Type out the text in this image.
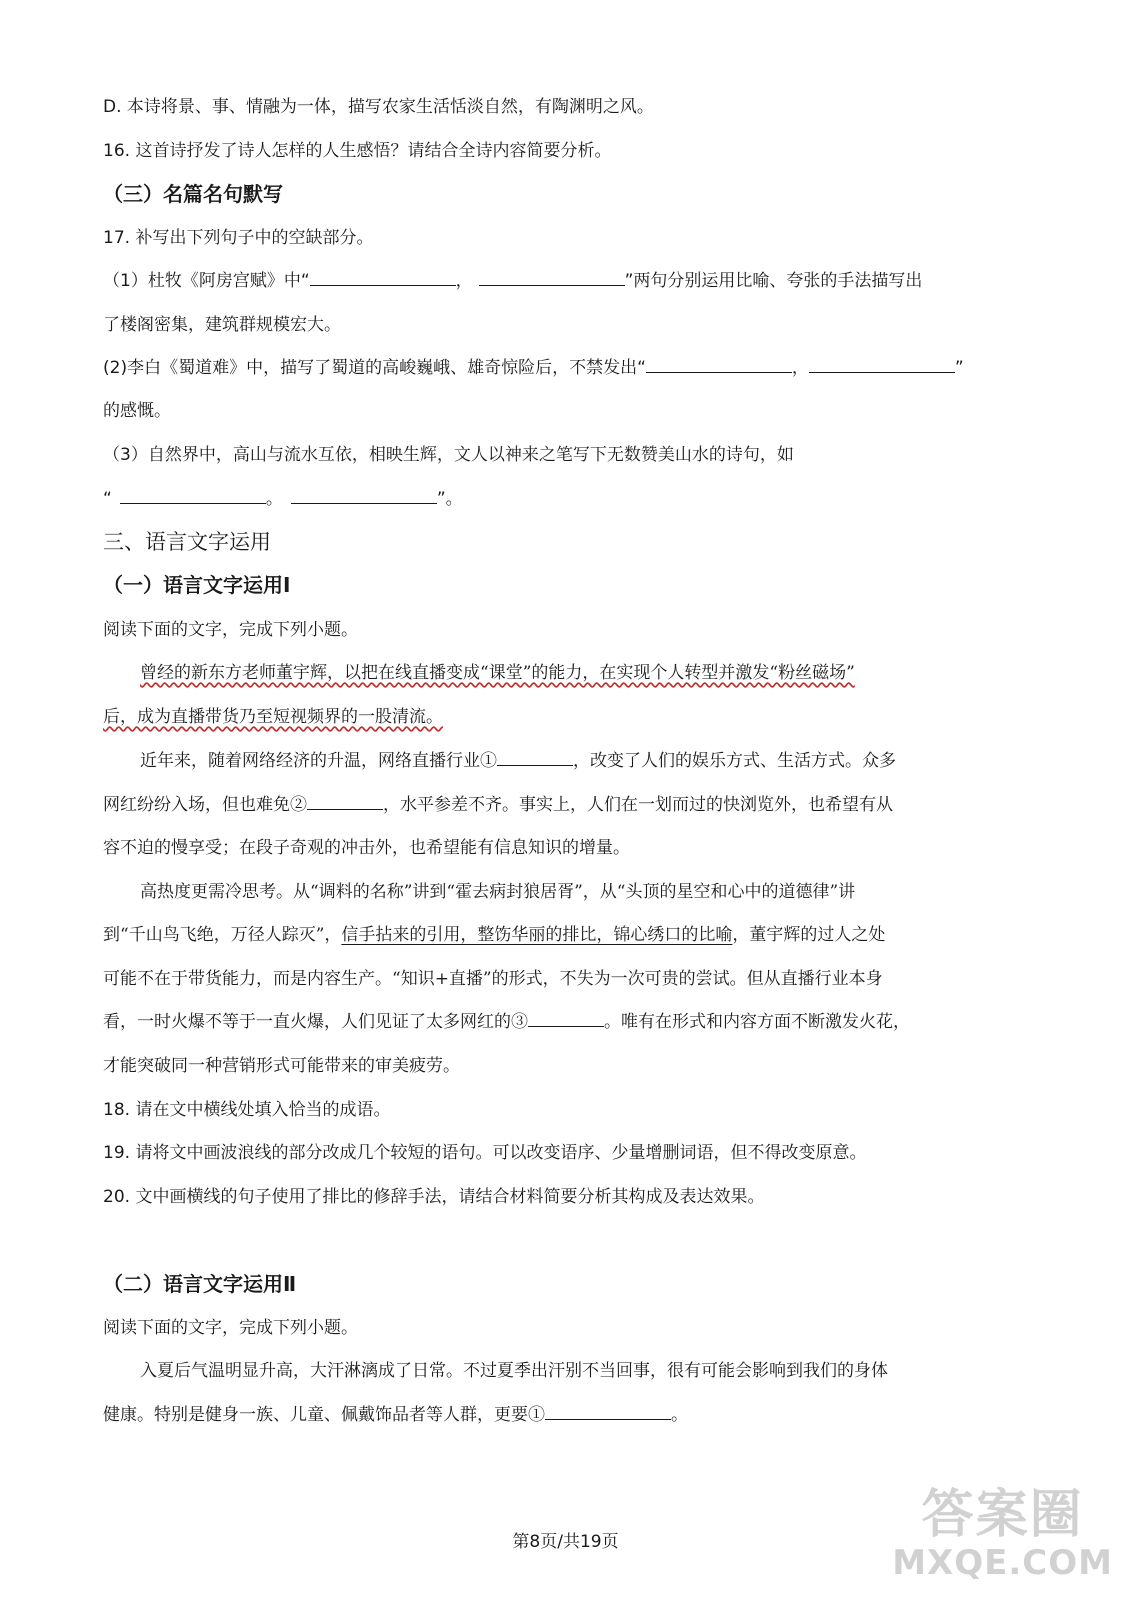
D. 本诗将景、事、情融为一体，描写农家生活恬淡自然，有陶渊明之风。
16. 这首诗抒发了诗人怎样的人生感悟？请结合全诗内容简要分析。
（三）名篇名句默写
17. 补写出下列句子中的空缺部分。
（1）杜牧《阿房宫赋》中“	，	”两句分别运用比喻、夸张的手法描写出
了楼阁密集，建筑群规模宏大。
(2)李白《蜀道难》中，描写了蜀道的高峻巍峨、雄奇惊险后，不禁发出“	，	”
的感慨。
（3）自然界中，高山与流水互依，相映生辉，文人以神来之笔写下无数赞美山水的诗句，如
“	。	”。
三、语言文字运用
（一）语言文字运用Ⅰ
阅读下面的文字，完成下列小题。
曾经的新东方老师董宇辉，以把在线直播变成“课堂”的能力，在实现个人转型并激发“粉丝磁场”
后，成为直播带货乃至短视频界的一股清流。
近年来，随着网络经济的升温，网络直播行业①	，改变了人们的娱乐方式、生活方式。众多
网红纷纷入场，但也难免②	，水平参差不齐。事实上，人们在一划而过的快浏览外，也希望有从
容不迫的慢享受；在段子奇观的冲击外，也希望能有信息知识的增量。
高热度更需冷思考。从“调料的名称”讲到“霍去病封狼居胥”，从“头顶的星空和心中的道德律”讲
到“千山鸟飞绝，万径人踪灭”，信手拈来的引用，整饬华丽的排比，锦心绣口的比喻，董宇辉的过人之处
可能不在于带货能力，而是内容生产。“知识+直播”的形式，不失为一次可贵的尝试。但从直播行业本身
看，一时火爆不等于一直火爆，人们见证了太多网红的③	。唯有在形式和内容方面不断激发火花，
才能突破同一种营销形式可能带来的审美疲劳。
18. 请在文中横线处填入恰当的成语。
19. 请将文中画波浪线的部分改成几个较短的语句。可以改变语序、少量增删词语，但不得改变原意。
20. 文中画横线的句子使用了排比的修辞手法，请结合材料简要分析其构成及表达效果。
（二）语言文字运用Ⅱ
阅读下面的文字，完成下列小题。
入夏后气温明显升高，大汗淋漓成了日常。不过夏季出汗别不当回事，很有可能会影响到我们的身体
健康。特别是健身一族、儿童、佩戴饰品者等人群，更要①	。
第8页/共19页	答案圈
MXQE.COM
